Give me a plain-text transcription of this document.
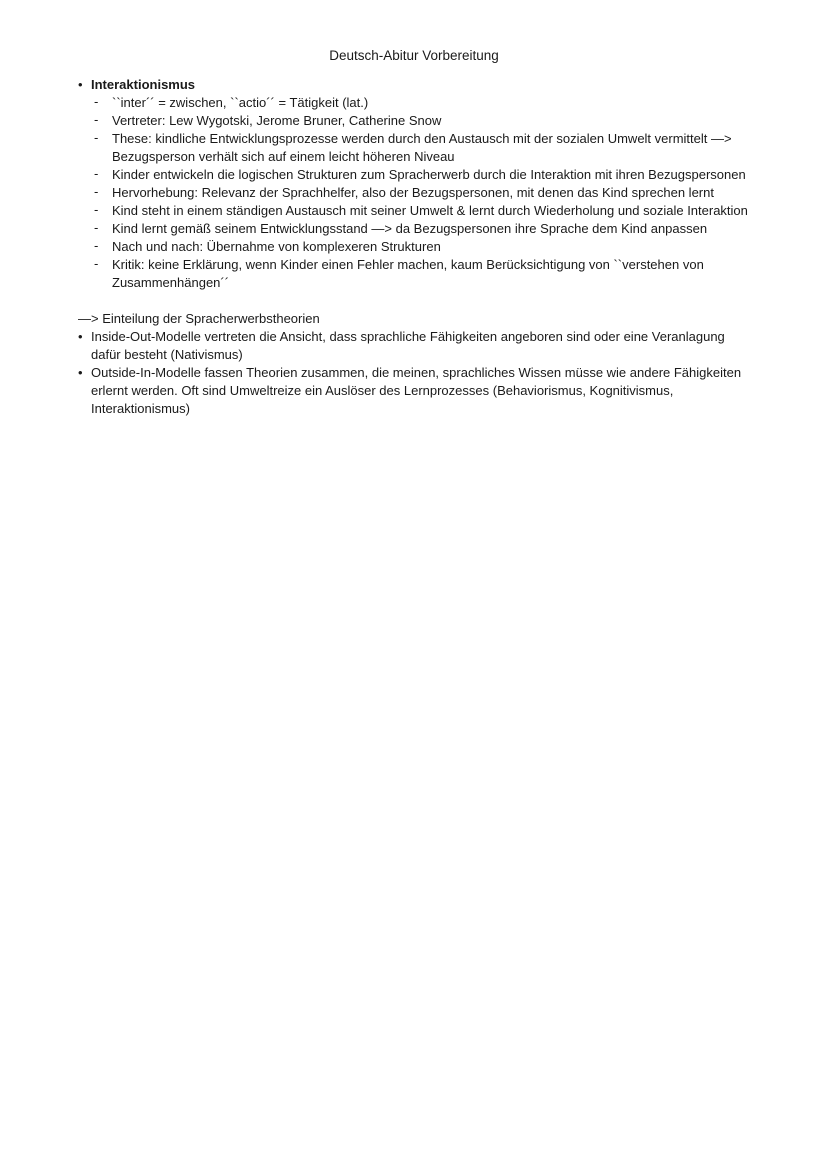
Deutsch-Abitur Vorbereitung
• Interaktionismus
- ``inter´´ = zwischen, ``actio´´ = Tätigkeit (lat.)
- Vertreter: Lew Wygotski, Jerome Bruner, Catherine Snow
- These: kindliche Entwicklungsprozesse werden durch den Austausch mit der sozialen Umwelt vermittelt —> Bezugsperson verhält sich auf einem leicht höheren Niveau
- Kinder entwickeln die logischen Strukturen zum Spracherwerb durch die Interaktion mit ihren Bezugspersonen
- Hervorhebung: Relevanz der Sprachhelfer, also der Bezugspersonen, mit denen das Kind sprechen lernt
- Kind steht in einem ständigen Austausch mit seiner Umwelt & lernt durch Wiederholung und soziale Interaktion
- Kind lernt gemäß seinem Entwicklungsstand —> da Bezugspersonen ihre Sprache dem Kind anpassen
- Nach und nach: Übernahme von komplexeren Strukturen
- Kritik: keine Erklärung, wenn Kinder einen Fehler machen, kaum Berücksichtigung von ``verstehen von Zusammenhängen´´
—> Einteilung der Spracherwerbstheorien
• Inside-Out-Modelle vertreten die Ansicht, dass sprachliche Fähigkeiten angeboren sind oder eine Veranlagung dafür besteht (Nativismus)
• Outside-In-Modelle fassen Theorien zusammen, die meinen, sprachliches Wissen müsse wie andere Fähigkeiten erlernt werden. Oft sind Umweltreize ein Auslöser des Lernprozesses (Behaviorismus, Kognitivismus, Interaktionismus)
